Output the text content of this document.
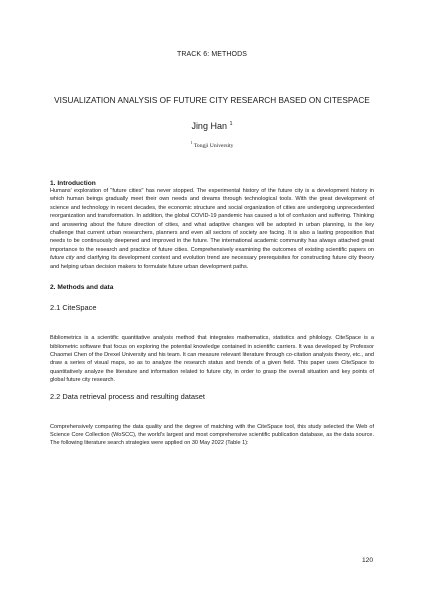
TRACK 6: METHODS
VISUALIZATION ANALYSIS OF FUTURE CITY RESEARCH BASED ON CITESPACE
Jing Han $^1$
$^1$ Tongji University
1. Introduction

Humans' exploration of "future cities" has never stopped. The experimental history of the future city is a development history in which human beings gradually meet their own needs and dreams through technological tools. With the great development of science and technology in recent decades, the economic structure and social organization of cities are undergoing unprecedented reorganization and transformation. In addition, the global COVID-19 pandemic has caused a lot of confusion and suffering. Thinking and answering about the future direction of cities, and what adaptive changes will be adopted in urban planning, is the key challenge that current urban researchers, planners and even all sectors of society are facing. It is also a lasting proposition that needs to be continuously deepened and improved in the future. The international academic community has always attached great importance to the research and practice of future cities. Comprehensively examining the outcomes of existing scientific papers on future city and clarifying its development context and evolution trend are necessary prerequisites for constructing future city theory and helping urban decision makers to formulate future urban development paths.

2. Methods and data
2.1 CiteSpace

Bibliometrics is a scientific quantitative analysis method that integrates mathematics, statistics and philology. CiteSpace is a bibliometric software that focus on exploring the potential knowledge contained in scientific carriers. It was developed by Professor Chaomei Chen of the Drexel University and his team. It can measure relevant literature through co-citation analysis theory, etc., and draw a series of visual maps, so as to analyze the research status and trends of a given field. This paper uses CiteSpace to quantitatively analyze the literature and information related to future city, in order to grasp the overall situation and key points of global future city research.

2.2 Data retrieval process and resulting dataset

Comprehensively comparing the data quality and the degree of matching with the CiteSpace tool, this study selected the Web of Science Core Collection (WoSCC), the world's largest and most comprehensive scientific publication database, as the data source. The following literature search strategies were applied on 30 May 2022 (Table 1):

120
